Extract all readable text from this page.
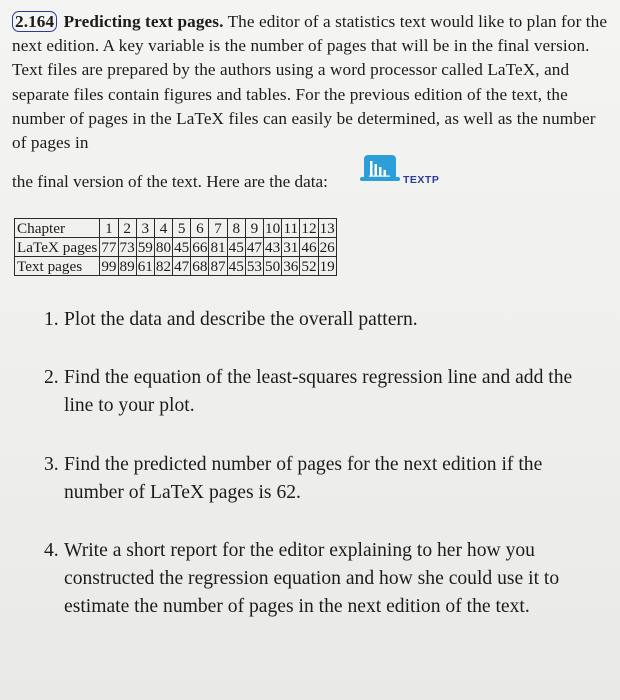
2.164 Predicting text pages. The editor of a statistics text would like to plan for the next edition. A key variable is the number of pages that will be in the final version. Text files are prepared by the authors using a word processor called LaTeX, and separate files contain figures and tables. For the previous edition of the text, the number of pages in the LaTeX files can easily be determined, as well as the number of pages in
the final version of the text. Here are the data:	TEXTP
Chapter	1	2	3	4	5	6	7	8	9	10	11	12	13
LaTeX pages	77	73	59	80	45	66	81	45	47	43	31	46	26
Text pages	99	89	61	82	47	68	87	45	53	50	36	52	19
1. Plot the data and describe the overall pattern.
2. Find the equation of the least-squares regression line and add the line to your plot.
3. Find the predicted number of pages for the next edition if the number of LaTeX pages is 62.
4. Write a short report for the editor explaining to her how you constructed the regression equation and how she could use it to estimate the number of pages in the next edition of the text.
